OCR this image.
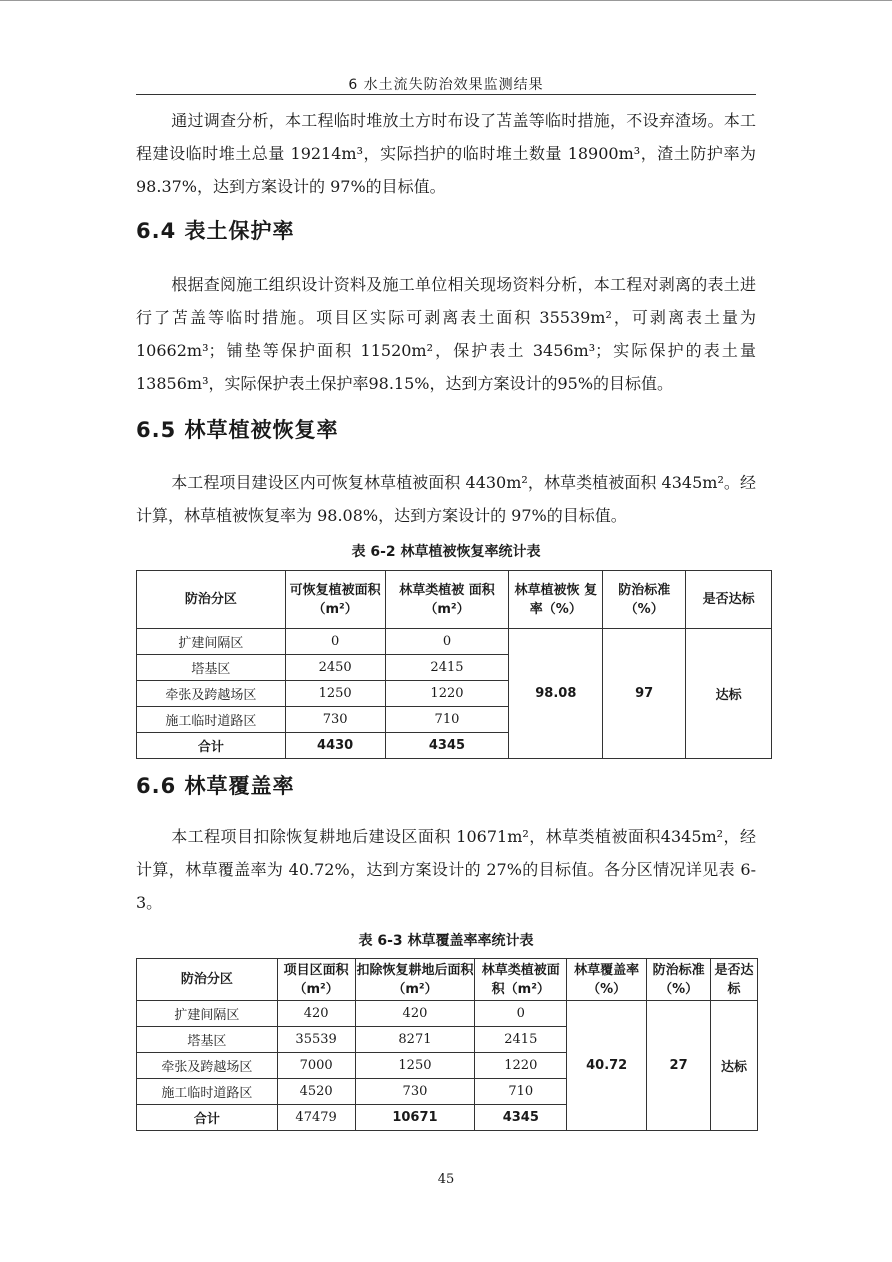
6 水土流失防治效果监测结果

通过调查分析，本工程临时堆放土方时布设了苫盖等临时措施，不设弃渣场。本工程建设临时堆土总量 19214m³，实际挡护的临时堆土数量 18900m³，渣土防护率为 98.37%，达到方案设计的 97%的目标值。

6.4 表土保护率

根据查阅施工组织设计资料及施工单位相关现场资料分析，本工程对剥离的表土进行了苫盖等临时措施。项目区实际可剥离表土面积 35539m²，可剥离表土量为 10662m³；铺垫等保护面积 11520m²，保护表土 3456m³；实际保护的表土量 13856m³，实际保护表土保护率98.15%，达到方案设计的95%的目标值。

6.5 林草植被恢复率

本工程项目建设区内可恢复林草植被面积 4430m²，林草类植被面积 4345m²。经计算，林草植被恢复率为 98.08%，达到方案设计的 97%的目标值。

表 6-2 林草植被恢复率统计表
防治分区	可恢复植被面积（m²）	林草类植被 面积（m²）	林草植被恢 复率（%）	防治标准（%）	是否达标
扩建间隔区	0	0	98.08	97	达标
塔基区	2450	2415			
牵张及跨越场区	1250	1220			
施工临时道路区	730	710			
合计	4430	4345			
6.6 林草覆盖率

本工程项目扣除恢复耕地后建设区面积 10671m²，林草类植被面积4345m²，经计算，林草覆盖率为 40.72%，达到方案设计的 27%的目标值。各分区情况详见表 6-3。

表 6-3 林草覆盖率率统计表
防治分区	项目区面积（m²）	扣除恢复耕地后面积（m²）	林草类植被面积（m²）	林草覆盖率（%）	防治标准（%）	是否达标
扩建间隔区	420	420	0	40.72	27	达标
塔基区	35539	8271	2415			
牵张及跨越场区	7000	1250	1220			
施工临时道路区	4520	730	710			
合计	47479	10671	4345			
45
